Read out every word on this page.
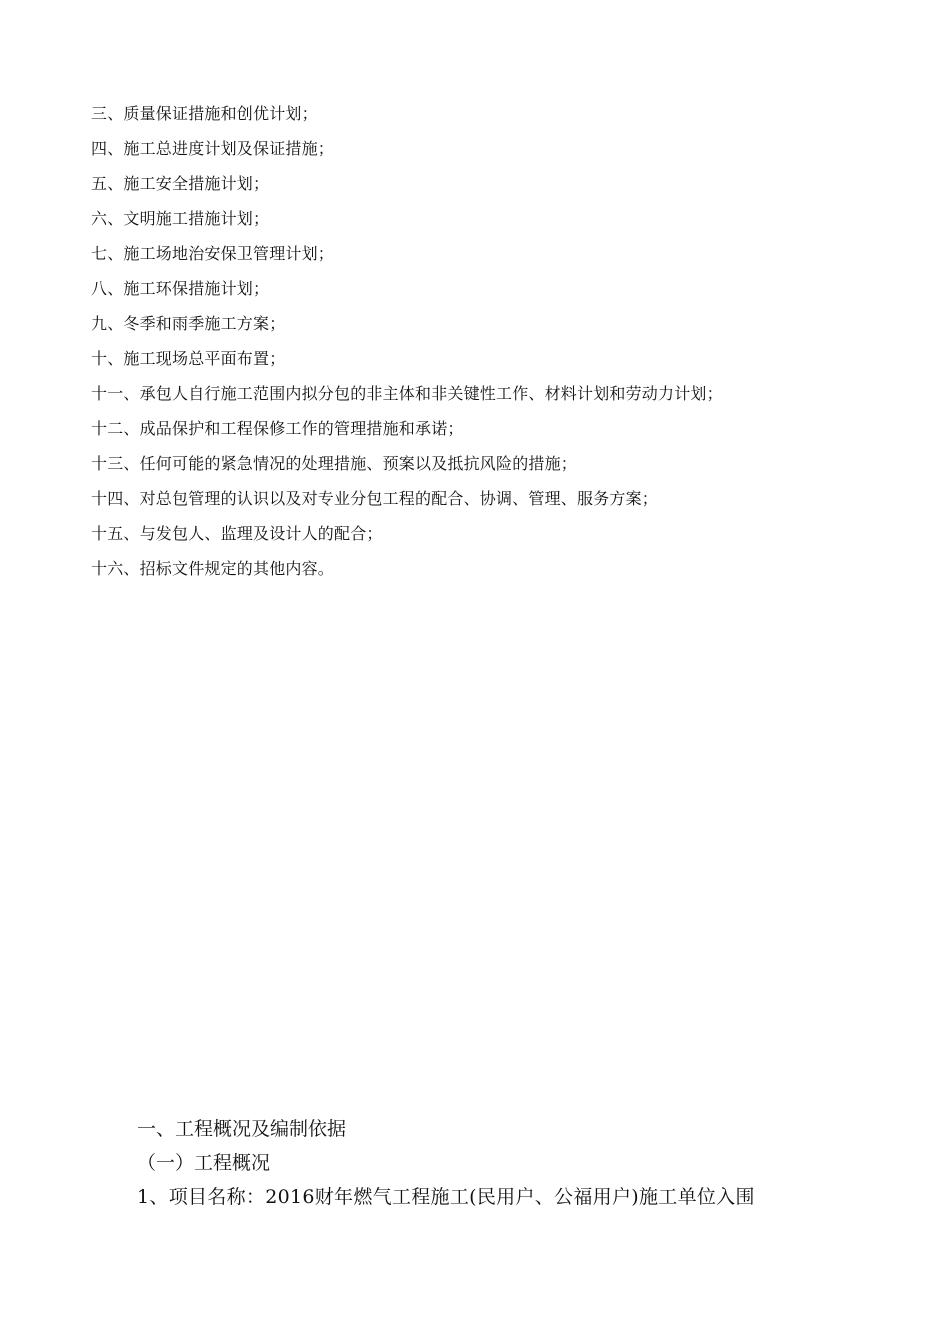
三、质量保证措施和创优计划；
四、施工总进度计划及保证措施；
五、施工安全措施计划；
六、文明施工措施计划；
七、施工场地治安保卫管理计划；
八、施工环保措施计划；
九、冬季和雨季施工方案；
十、施工现场总平面布置；
十一、承包人自行施工范围内拟分包的非主体和非关键性工作、材料计划和劳动力计划；
十二、成品保护和工程保修工作的管理措施和承诺；
十三、任何可能的紧急情况的处理措施、预案以及抵抗风险的措施；
十四、对总包管理的认识以及对专业分包工程的配合、协调、管理、服务方案；
十五、与发包人、监理及设计人的配合；
十六、招标文件规定的其他内容。
一、工程概况及编制依据
（一）工程概况
1、项目名称：2016财年燃气工程施工(民用户、公福用户)施工单位入围
